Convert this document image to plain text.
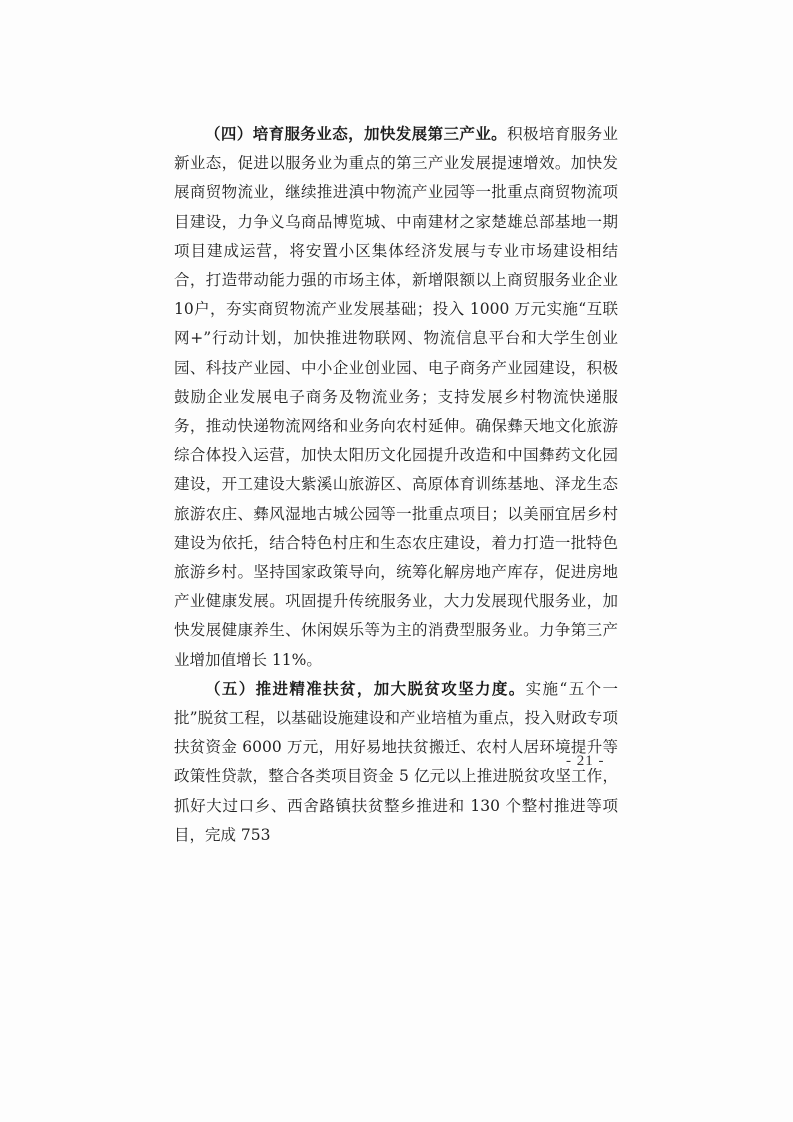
（四）培育服务业态，加快发展第三产业。积极培育服务业新业态，促进以服务业为重点的第三产业发展提速增效。加快发展商贸物流业，继续推进滇中物流产业园等一批重点商贸物流项目建设，力争义乌商品博览城、中南建材之家楚雄总部基地一期项目建成运营，将安置小区集体经济发展与专业市场建设相结合，打造带动能力强的市场主体，新增限额以上商贸服务业企业 10户，夯实商贸物流产业发展基础；投入 1000 万元实施“互联网+”行动计划，加快推进物联网、物流信息平台和大学生创业园、科技产业园、中小企业创业园、电子商务产业园建设，积极鼓励企业发展电子商务及物流业务；支持发展乡村物流快递服务，推动快递物流网络和业务向农村延伸。确保彝天地文化旅游综合体投入运营，加快太阳历文化园提升改造和中国彝药文化园建设，开工建设大紫溪山旅游区、高原体育训练基地、泽龙生态旅游农庄、彝风湿地古城公园等一批重点项目；以美丽宜居乡村建设为依托，结合特色村庄和生态农庄建设，着力打造一批特色旅游乡村。坚持国家政策导向，统筹化解房地产库存，促进房地产业健康发展。巩固提升传统服务业，大力发展现代服务业，加快发展健康养生、休闲娱乐等为主的消费型服务业。力争第三产业增加值增长 11%。

（五）推进精准扶贫，加大脱贫攻坚力度。实施“五个一批”脱贫工程，以基础设施建设和产业培植为重点，投入财政专项扶贫资金 6000 万元，用好易地扶贫搬迁、农村人居环境提升等政策性贷款，整合各类项目资金 5 亿元以上推进脱贫攻坚工作，抓好大过口乡、西舍路镇扶贫整乡推进和 130 个整村推进等项目，完成 753

- 21 -
